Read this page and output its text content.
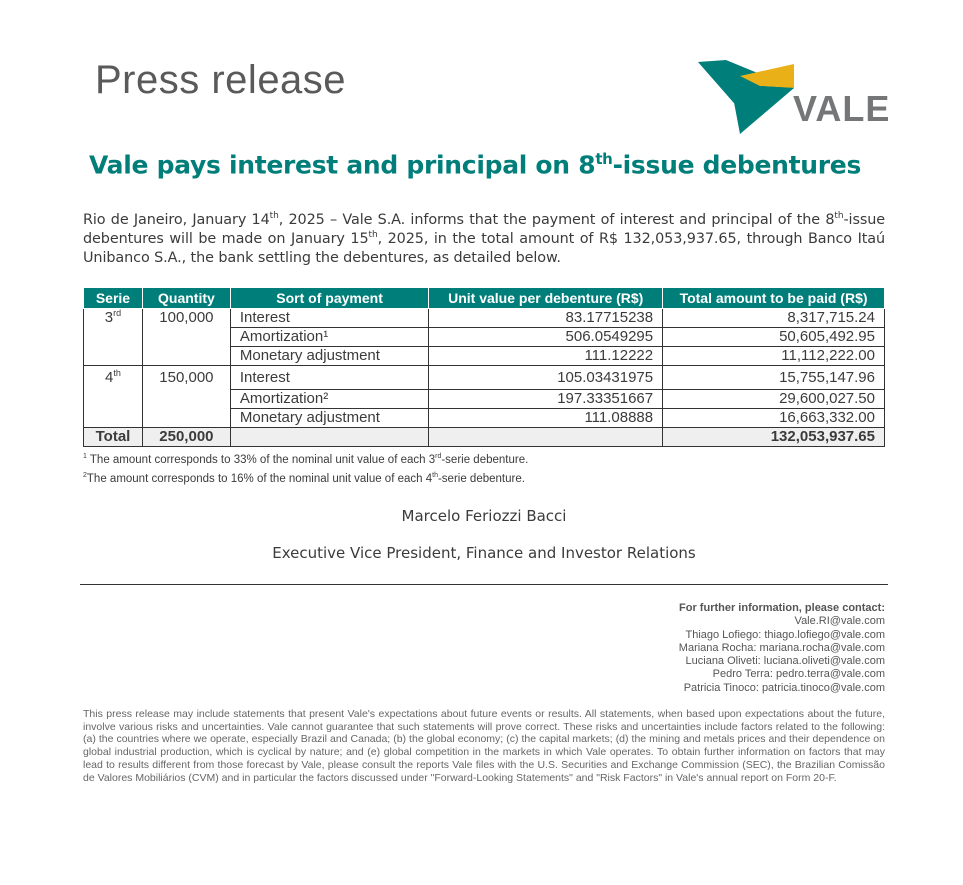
Press release
VALE
Vale pays interest and principal on 8th-issue debentures
Rio de Janeiro, January 14th, 2025 – Vale S.A. informs that the payment of interest and principal of the 8th-issue debentures will be made on January 15th, 2025, in the total amount of R$ 132,053,937.65, through Banco Itaú Unibanco S.A., the bank settling the debentures, as detailed below.
Serie	Quantity	Sort of payment	Unit value per debenture (R$)	Total amount to be paid (R$)
3rd	100,000	Interest	83.17715238	8,317,715.24
		Amortization¹	506.0549295	50,605,492.95
		Monetary adjustment	111.12222	11,112,222.00
4th	150,000	Interest	105.03431975	15,755,147.96
		Amortization²	197.33351667	29,600,027.50
		Monetary adjustment	111.08888	16,663,332.00
Total	250,000			132,053,937.65
$^1$ The amount corresponds to 33% of the nominal unit value of each 3rd-serie debenture.
$^2$The amount corresponds to 16% of the nominal unit value of each 4th-serie debenture.
Marcelo Feriozzi Bacci
Executive Vice President, Finance and Investor Relations
For further information, please contact:
Vale.RI@vale.com
Thiago Lofiego: thiago.lofiego@vale.com
Mariana Rocha: mariana.rocha@vale.com
Luciana Oliveti: luciana.oliveti@vale.com
Pedro Terra: pedro.terra@vale.com
Patricia Tinoco: patricia.tinoco@vale.com
This press release may include statements that present Vale's expectations about future events or results. All statements, when based upon expectations about the future, involve various risks and uncertainties. Vale cannot guarantee that such statements will prove correct. These risks and uncertainties include factors related to the following: (a) the countries where we operate, especially Brazil and Canada; (b) the global economy; (c) the capital markets; (d) the mining and metals prices and their dependence on global industrial production, which is cyclical by nature; and (e) global competition in the markets in which Vale operates. To obtain further information on factors that may lead to results different from those forecast by Vale, please consult the reports Vale files with the U.S. Securities and Exchange Commission (SEC), the Brazilian Comissão de Valores Mobiliários (CVM) and in particular the factors discussed under "Forward-Looking Statements" and "Risk Factors" in Vale's annual report on Form 20-F.
